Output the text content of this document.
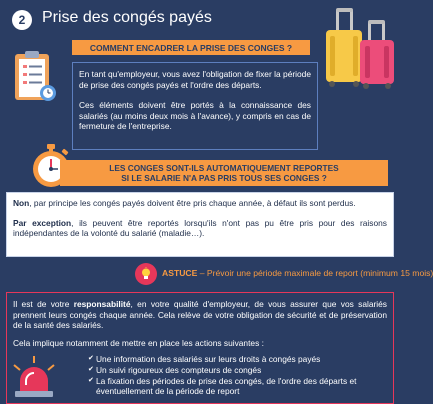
2	Prise des congés payés
COMMENT ENCADRER LA PRISE DES CONGES ?

En tant qu'employeur, vous avez l'obligation de fixer la période de prise des congés payés et l'ordre des départs.

Ces éléments doivent être portés à la connaissance des salariés (au moins deux mois à l'avance), y compris en cas de fermeture de l'entreprise.

LES CONGES SONT-ILS AUTOMATIQUEMENT REPORTES
SI LE SALARIE N'A PAS PRIS TOUS SES CONGES ?

Non, par principe les congés payés doivent être pris chaque année, à défaut ils sont perdus.

Par exception, ils peuvent être reportés lorsqu'ils n'ont pas pu être pris pour des raisons indépendantes de la volonté du salarié (maladie…).

ASTUCE – Prévoir une période maximale de report (minimum 15 mois)

Il est de votre responsabilité, en votre qualité d'employeur, de vous assurer que vos salariés prennent leurs congés chaque année. Cela relève de votre obligation de sécurité et de préservation de la santé des salariés.

Cela implique notamment de mettre en place les actions suivantes :

✔ Une information des salariés sur leurs droits à congés payés
✔ Un suivi rigoureux des compteurs de congés
✔ La fixation des périodes de prise des congés, de l'ordre des départs et éventuellement de la période de report
